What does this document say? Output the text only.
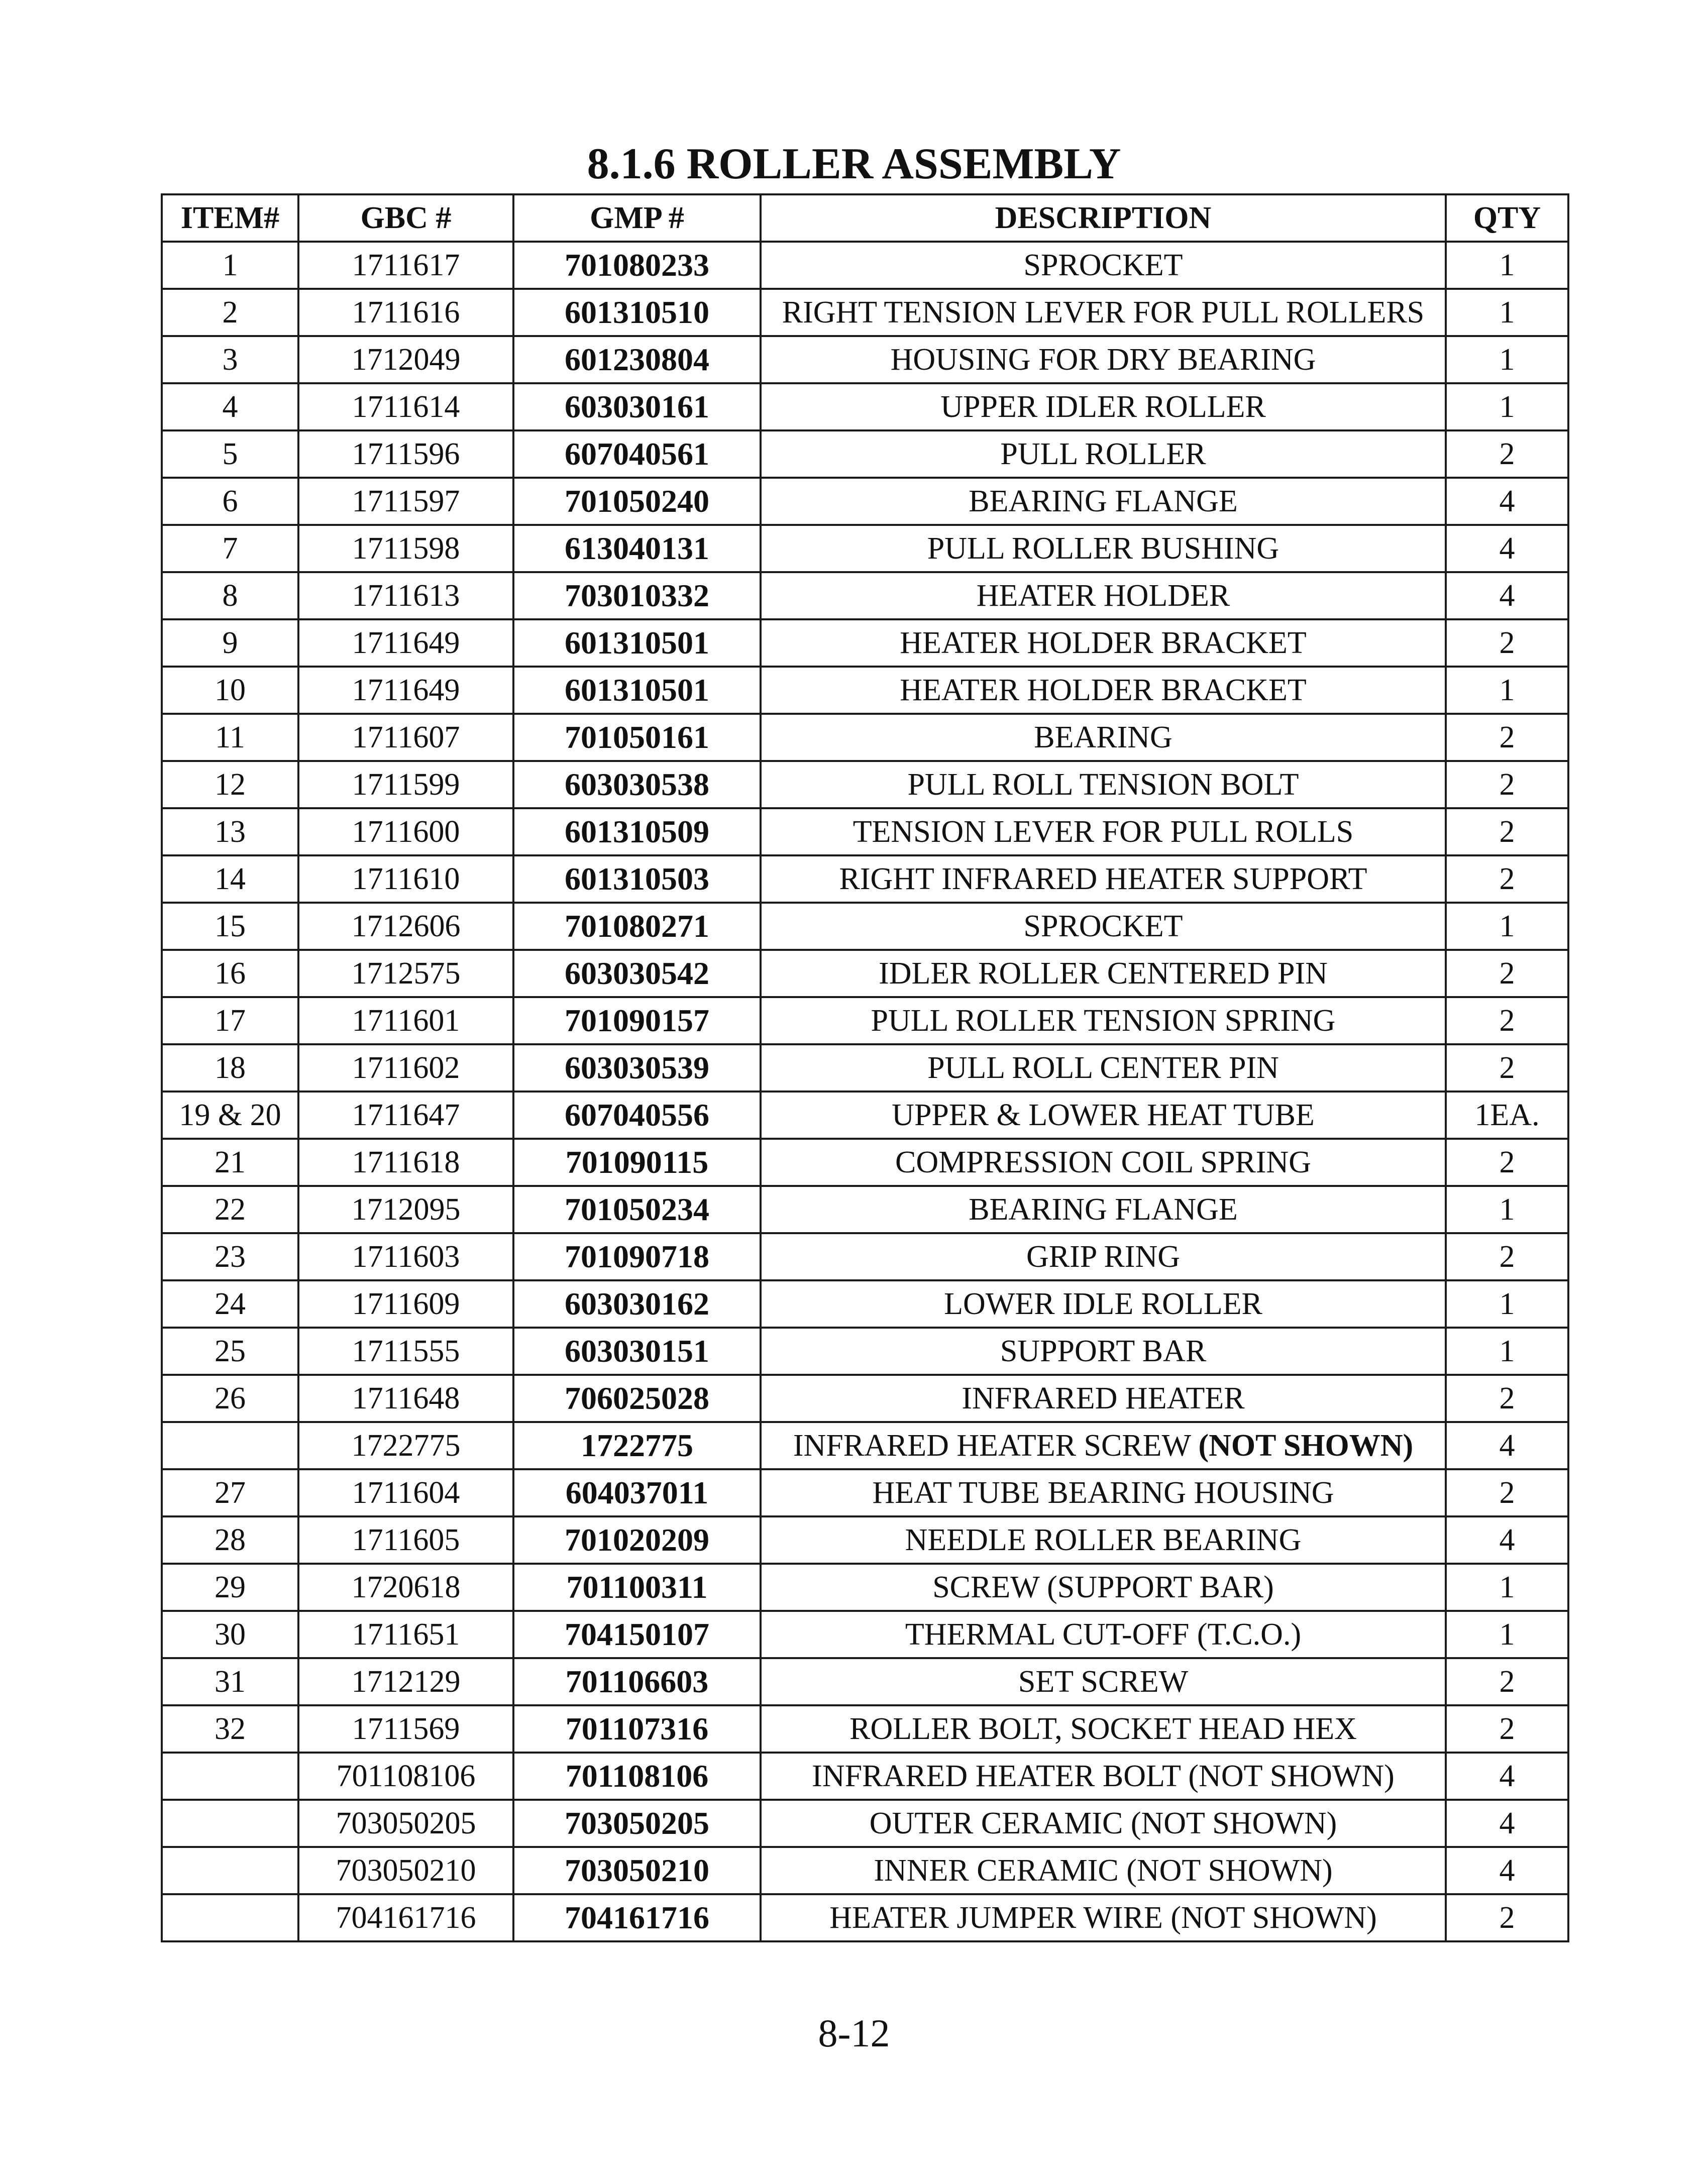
8.1.6 ROLLER ASSEMBLY
ITEM#	GBC #	GMP #	DESCRIPTION	QTY
1	1711617	701080233	SPROCKET	1
2	1711616	601310510	RIGHT TENSION LEVER FOR PULL ROLLERS	1
3	1712049	601230804	HOUSING FOR DRY BEARING	1
4	1711614	603030161	UPPER IDLER ROLLER	1
5	1711596	607040561	PULL ROLLER	2
6	1711597	701050240	BEARING FLANGE	4
7	1711598	613040131	PULL ROLLER BUSHING	4
8	1711613	703010332	HEATER HOLDER	4
9	1711649	601310501	HEATER HOLDER BRACKET	2
10	1711649	601310501	HEATER HOLDER BRACKET	1
11	1711607	701050161	BEARING	2
12	1711599	603030538	PULL ROLL TENSION BOLT	2
13	1711600	601310509	TENSION LEVER FOR PULL ROLLS	2
14	1711610	601310503	RIGHT INFRARED HEATER SUPPORT	2
15	1712606	701080271	SPROCKET	1
16	1712575	603030542	IDLER ROLLER CENTERED PIN	2
17	1711601	701090157	PULL ROLLER TENSION SPRING	2
18	1711602	603030539	PULL ROLL CENTER PIN	2
19 & 20	1711647	607040556	UPPER & LOWER HEAT TUBE	1EA.
21	1711618	701090115	COMPRESSION COIL SPRING	2
22	1712095	701050234	BEARING FLANGE	1
23	1711603	701090718	GRIP RING	2
24	1711609	603030162	LOWER IDLE ROLLER	1
25	1711555	603030151	SUPPORT BAR	1
26	1711648	706025028	INFRARED HEATER	2
	1722775	1722775	INFRARED HEATER SCREW (NOT SHOWN)	4
27	1711604	604037011	HEAT TUBE BEARING HOUSING	2
28	1711605	701020209	NEEDLE ROLLER BEARING	4
29	1720618	701100311	SCREW (SUPPORT BAR)	1
30	1711651	704150107	THERMAL CUT-OFF (T.C.O.)	1
31	1712129	701106603	SET SCREW	2
32	1711569	701107316	ROLLER BOLT, SOCKET HEAD HEX	2
	701108106	701108106	INFRARED HEATER BOLT (NOT SHOWN)	4
	703050205	703050205	OUTER CERAMIC (NOT SHOWN)	4
	703050210	703050210	INNER CERAMIC (NOT SHOWN)	4
	704161716	704161716	HEATER JUMPER WIRE (NOT SHOWN)	2
8-12
